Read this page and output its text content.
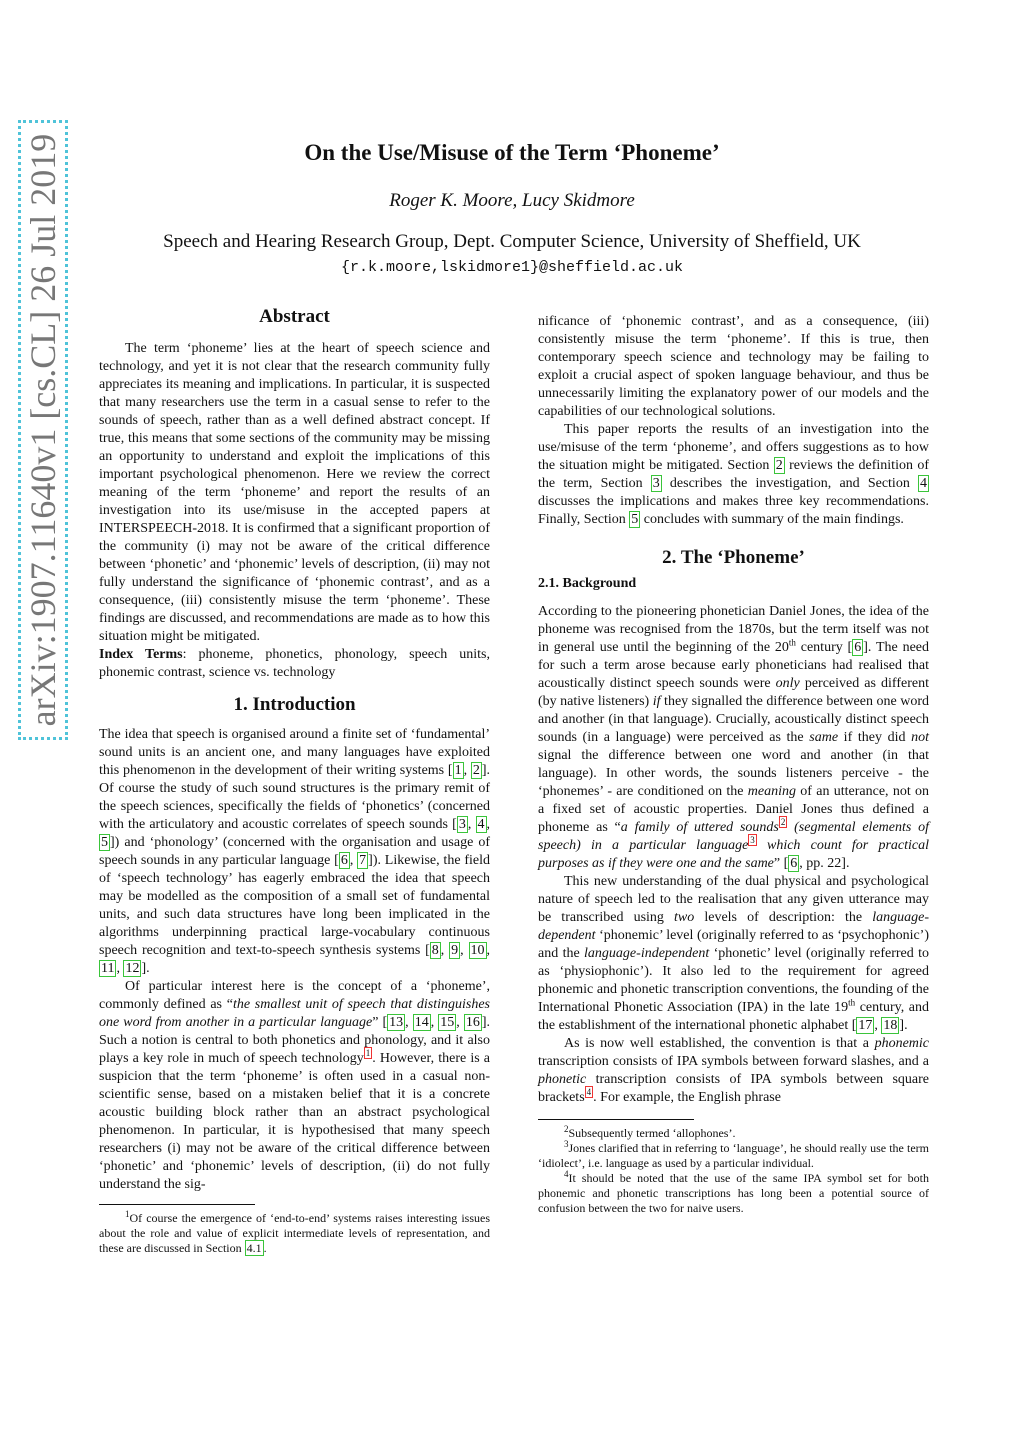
arXiv:1907.11640v1 [cs.CL] 26 Jul 2019	On the Use/Misuse of the Term ‘Phoneme’
Roger K. Moore, Lucy Skidmore
Speech and Hearing Research Group, Dept. Computer Science, University of Sheffield, UK
{r.k.moore,lskidmore1}@sheffield.ac.uk
Abstract

The term ‘phoneme’ lies at the heart of speech science and technology, and yet it is not clear that the research community fully appreciates its meaning and implications. In particular, it is suspected that many researchers use the term in a casual sense to refer to the sounds of speech, rather than as a well defined abstract concept. If true, this means that some sections of the community may be missing an opportunity to understand and exploit the implications of this important psychological phenomenon. Here we review the correct meaning of the term ‘phoneme’ and report the results of an investigation into its use/misuse in the accepted papers at INTERSPEECH-2018. It is confirmed that a significant proportion of the community (i) may not be aware of the critical difference between ‘phonetic’ and ‘phonemic’ levels of description, (ii) may not fully understand the significance of ‘phonemic contrast’, and as a consequence, (iii) consistently misuse the term ‘phoneme’. These findings are discussed, and recommendations are made as to how this situation might be mitigated.

Index Terms: phoneme, phonetics, phonology, speech units, phonemic contrast, science vs. technology

1. Introduction

The idea that speech is organised around a finite set of ‘fundamental’ sound units is an ancient one, and many languages have exploited this phenomenon in the development of their writing systems [ 1 , 2 ]. Of course the study of such sound structures is the primary remit of the speech sciences, specifically the fields of ‘phonetics’ (concerned with the articulatory and acoustic correlates of speech sounds [ 3 , 4 , 5 ]) and ‘phonology’ (concerned with the organisation and usage of speech sounds in any particular language [ 6 , 7 ]). Likewise, the field of ‘speech technology’ has eagerly embraced the idea that speech may be modelled as the composition of a small set of fundamental units, and such data structures have long been implicated in the algorithms underpinning practical large-vocabulary continuous speech recognition and text-to-speech synthesis systems [ 8 , 9 , 10 , 11 , 12 ].

Of particular interest here is the concept of a ‘phoneme’, commonly defined as “the smallest unit of speech that distinguishes one word from another in a particular language” [ 13 , 14 , 15 , 16 ]. Such a notion is central to both phonetics and phonology, and it also plays a key role in much of speech technology $^1$ . However, there is a suspicion that the term ‘phoneme’ is often used in a casual non-scientific sense, based on a mistaken belief that it is a concrete acoustic building block rather than an abstract psychological phenomenon. In particular, it is hypothesised that many speech researchers (i) may not be aware of the critical difference between ‘phonetic’ and ‘phonemic’ levels of description, (ii) do not fully understand the sig-

$^1$Of course the emergence of ‘end-to-end’ systems raises interesting issues about the role and value of explicit intermediate levels of representation, and these are discussed in Section 4.1 .

nificance of ‘phonemic contrast’, and as a consequence, (iii) consistently misuse the term ‘phoneme’. If this is true, then contemporary speech science and technology may be failing to exploit a crucial aspect of spoken language behaviour, and thus be unnecessarily limiting the explanatory power of our models and the capabilities of our technological solutions.

This paper reports the results of an investigation into the use/misuse of the term ‘phoneme’, and offers suggestions as to how the situation might be mitigated. Section 2 reviews the definition of the term, Section 3 describes the investigation, and Section 4 discusses the implications and makes three key recommendations. Finally, Section 5 concludes with summary of the main findings.

2. The ‘Phoneme’
2.1. Background

According to the pioneering phonetician Daniel Jones, the idea of the phoneme was recognised from the 1870s, but the term itself was not in general use until the beginning of the 20th century [ 6 ]. The need for such a term arose because early phoneticians had realised that acoustically distinct speech sounds were only perceived as different (by native listeners) if they signalled the difference between one word and another (in that language). Crucially, acoustically distinct speech sounds (in a language) were perceived as the same if they did not signal the difference between one word and another (in that language). In other words, the sounds listeners perceive - the ‘phonemes’ - are conditioned on the meaning of an utterance, not on a fixed set of acoustic properties. Daniel Jones thus defined a phoneme as “a family of uttered sounds $^2$ (segmental elements of speech) in a particular language $^3$ which count for practical purposes as if they were one and the same” [ 6 , pp. 22].

This new understanding of the dual physical and psychological nature of speech led to the realisation that any given utterance may be transcribed using two levels of description: the language-dependent ‘phonemic’ level (originally referred to as ‘psychophonic’) and the language-independent ‘phonetic’ level (originally referred to as ‘physiophonic’). It also led to the requirement for agreed phonemic and phonetic transcription conventions, the founding of the International Phonetic Association (IPA) in the late 19th century, and the establishment of the international phonetic alphabet [ 17 , 18 ].

As is now well established, the convention is that a phonemic transcription consists of IPA symbols between forward slashes, and a phonetic transcription consists of IPA symbols between square brackets $^4$ . For example, the English phrase

$^2$Subsequently termed ‘allophones’.

$^3$Jones clarified that in referring to ‘language’, he should really use the term ‘idiolect’, i.e. language as used by a particular individual.

$^4$It should be noted that the use of the same IPA symbol set for both phonemic and phonetic transcriptions has long been a potential source of confusion between the two for naive users.
